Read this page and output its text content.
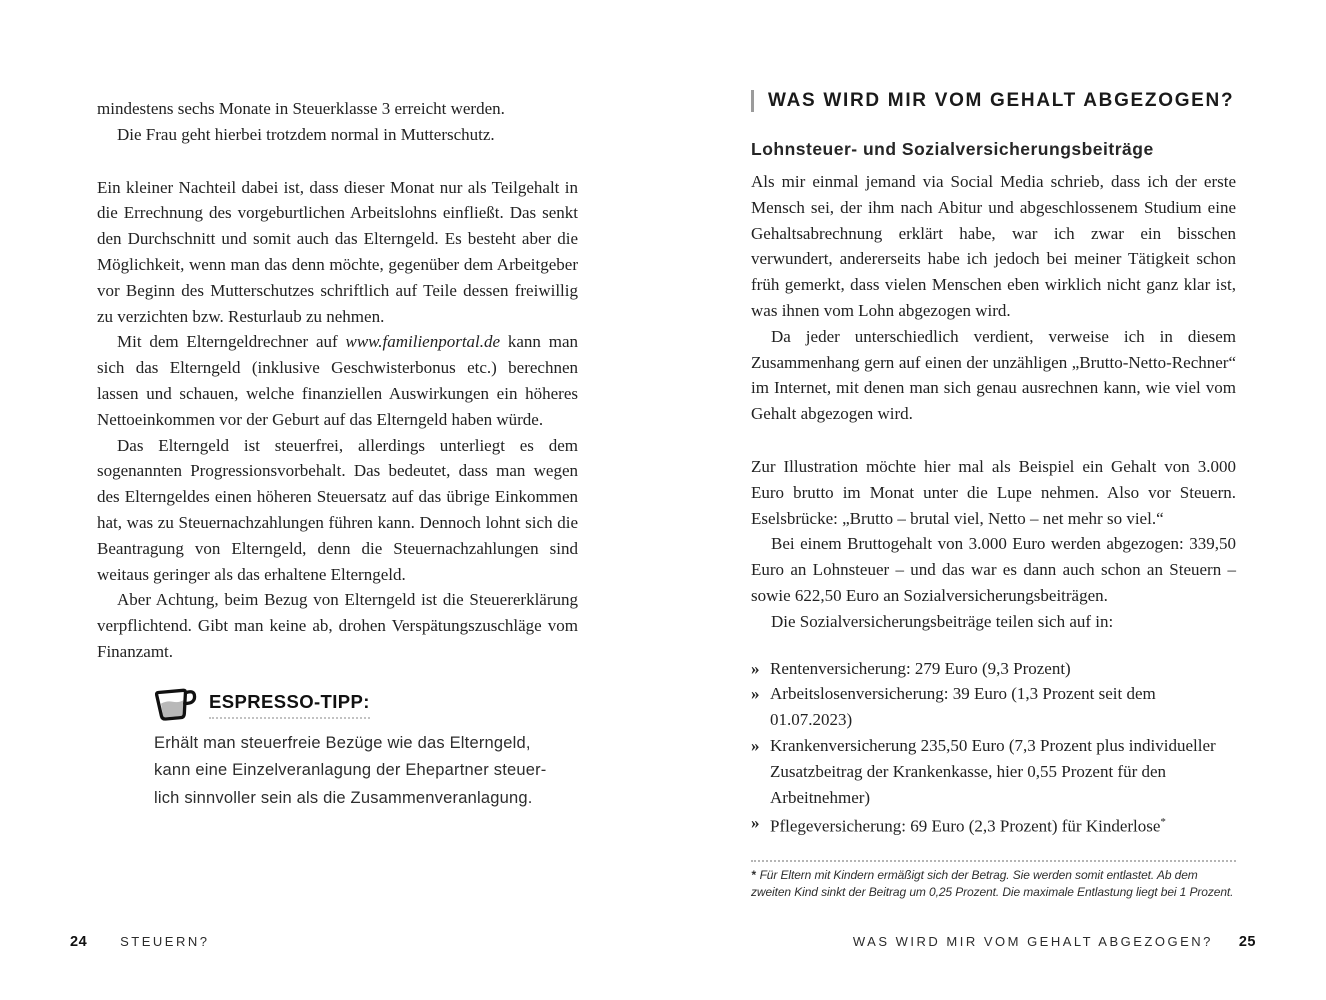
mindestens sechs Monate in Steuerklasse 3 erreicht werden.

Die Frau geht hierbei trotzdem normal in Mutterschutz.

Ein kleiner Nachteil dabei ist, dass dieser Monat nur als Teilgehalt in die Errechnung des vorgeburtlichen Arbeitslohns einfließt. Das senkt den Durchschnitt und somit auch das Elterngeld. Es besteht aber die Möglichkeit, wenn man das denn möchte, gegenüber dem Arbeitgeber vor Beginn des Mutterschutzes schriftlich auf Teile dessen freiwillig zu verzichten bzw. Resturlaub zu nehmen.

Mit dem Elterngeldrechner auf www.familienportal.de kann man sich das Elterngeld (inklusive Geschwisterbonus etc.) berechnen lassen und schauen, welche finanziellen Auswirkungen ein höheres Nettoeinkommen vor der Geburt auf das Elterngeld haben würde.

Das Elterngeld ist steuerfrei, allerdings unterliegt es dem sogenannten Progressionsvorbehalt. Das bedeutet, dass man wegen des Elterngeldes einen höheren Steuersatz auf das übrige Einkommen hat, was zu Steuernachzahlungen führen kann. Dennoch lohnt sich die Beantragung von Elterngeld, denn die Steuernachzahlungen sind weitaus geringer als das erhaltene Elterngeld.

Aber Achtung, beim Bezug von Elterngeld ist die Steuererklärung verpflichtend. Gibt man keine ab, drohen Verspätungszuschläge vom Finanzamt.

ESPRESSO-TIPP:
Erhält man steuerfreie Bezüge wie das Elterngeld,
kann eine Einzelveranlagung der Ehepartner steuer-
lich sinnvoller sein als die Zusammenveranlagung.
WAS WIRD MIR VOM GEHALT ABGEZOGEN?
Lohnsteuer- und Sozialversicherungsbeiträge

Als mir einmal jemand via Social Media schrieb, dass ich der erste Mensch sei, der ihm nach Abitur und abgeschlossenem Studium eine Gehaltsabrechnung erklärt habe, war ich zwar ein bisschen verwundert, andererseits habe ich jedoch bei meiner Tätigkeit schon früh gemerkt, dass vielen Menschen eben wirklich nicht ganz klar ist, was ihnen vom Lohn abgezogen wird.

Da jeder unterschiedlich verdient, verweise ich in diesem Zusammenhang gern auf einen der unzähligen „Brutto-Netto-Rechner“ im Internet, mit denen man sich genau ausrechnen kann, wie viel vom Gehalt abgezogen wird.

Zur Illustration möchte hier mal als Beispiel ein Gehalt von 3.000 Euro brutto im Monat unter die Lupe nehmen. Also vor Steuern. Eselsbrücke: „Brutto – brutal viel, Netto – net mehr so viel.“

Bei einem Bruttogehalt von 3.000 Euro werden abgezogen: 339,50 Euro an Lohnsteuer – und das war es dann auch schon an Steuern – sowie 622,50 Euro an Sozialversicherungsbeiträgen.

Die Sozialversicherungsbeiträge teilen sich auf in:

» Rentenversicherung: 279 Euro (9,3 Prozent)
» Arbeitslosenversicherung: 39 Euro (1,3 Prozent seit dem 01.07.2023)
» Krankenversicherung 235,50 Euro (7,3 Prozent plus individueller Zusatzbeitrag der Krankenkasse, hier 0,55 Prozent für den Arbeitnehmer)
» Pflegeversicherung: 69 Euro (2,3 Prozent) für Kinderlose*
* Für Eltern mit Kindern ermäßigt sich der Betrag. Sie werden somit entlastet. Ab dem zweiten Kind sinkt der Beitrag um 0,25 Prozent. Die maximale Entlastung liegt bei 1 Prozent.
24	STEUERN?	WAS WIRD MIR VOM GEHALT ABGEZOGEN? 25
